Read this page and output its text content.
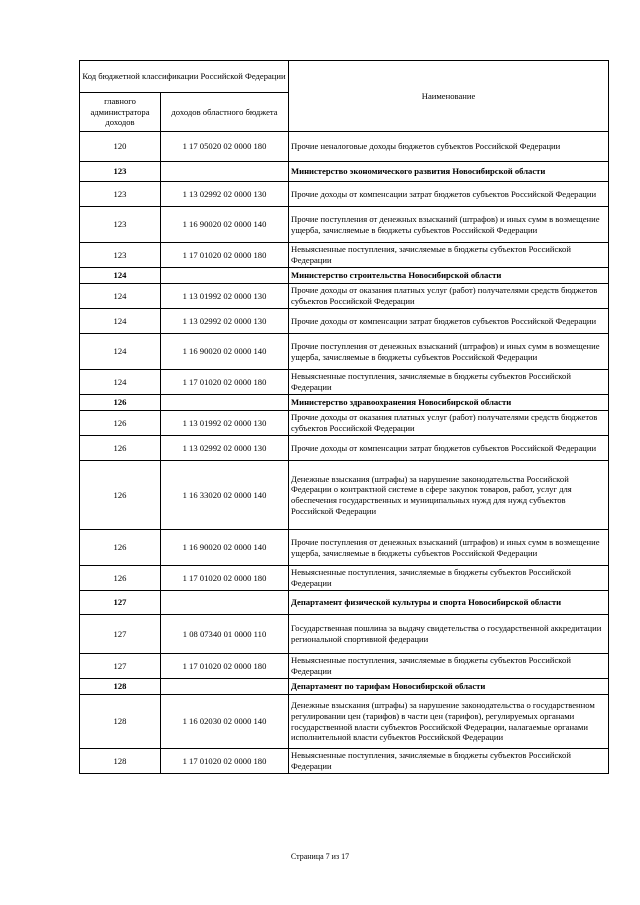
Код бюджетной классификации Российской Федерации		Наименование
главного администратора доходов	доходов областного бюджета	
120	1 17 05020 02 0000 180	Прочие неналоговые доходы бюджетов субъектов Российской Федерации
123		Министерство экономического развития Новосибирской области
123	1 13 02992 02 0000 130	Прочие доходы от компенсации затрат бюджетов субъектов Российской Федерации
123	1 16 90020 02 0000 140	Прочие поступления от денежных взысканий (штрафов) и иных сумм в возмещение ущерба, зачисляемые в бюджеты субъектов Российской Федерации
123	1 17 01020 02 0000 180	Невыясненные поступления, зачисляемые в бюджеты субъектов Российской Федерации
124		Министерство строительства Новосибирской области
124	1 13 01992 02 0000 130	Прочие доходы от оказания платных услуг (работ) получателями средств бюджетов субъектов Российской Федерации
124	1 13 02992 02 0000 130	Прочие доходы от компенсации затрат бюджетов субъектов Российской Федерации
124	1 16 90020 02 0000 140	Прочие поступления от денежных взысканий (штрафов) и иных сумм в возмещение ущерба, зачисляемые в бюджеты субъектов Российской Федерации
124	1 17 01020 02 0000 180	Невыясненные поступления, зачисляемые в бюджеты субъектов Российской Федерации
126		Министерство здравоохранения Новосибирской области
126	1 13 01992 02 0000 130	Прочие доходы от оказания платных услуг (работ) получателями средств бюджетов субъектов Российской Федерации
126	1 13 02992 02 0000 130	Прочие доходы от компенсации затрат бюджетов субъектов Российской Федерации
126	1 16 33020 02 0000 140	Денежные взыскания (штрафы) за нарушение законодательства Российской Федерации о контрактной системе в сфере закупок товаров, работ, услуг для обеспечения государственных и муниципальных нужд для нужд субъектов Российской Федерации
126	1 16 90020 02 0000 140	Прочие поступления от денежных взысканий (штрафов) и иных сумм в возмещение ущерба, зачисляемые в бюджеты субъектов Российской Федерации
126	1 17 01020 02 0000 180	Невыясненные поступления, зачисляемые в бюджеты субъектов Российской Федерации
127		Департамент физической культуры и спорта Новосибирской области
127	1 08 07340 01 0000 110	Государственная пошлина за выдачу свидетельства о государственной аккредитации региональной спортивной федерации
127	1 17 01020 02 0000 180	Невыясненные поступления, зачисляемые в бюджеты субъектов Российской Федерации
128		Департамент по тарифам Новосибирской области
128	1 16 02030 02 0000 140	Денежные взыскания (штрафы) за нарушение законодательства о государственном регулировании цен (тарифов) в части цен (тарифов), регулируемых органами государственной власти субъектов Российской Федерации, налагаемые органами исполнительной власти субъектов Российской Федерации
128	1 17 01020 02 0000 180	Невыясненные поступления, зачисляемые в бюджеты субъектов Российской Федерации
Страница 7 из 17
